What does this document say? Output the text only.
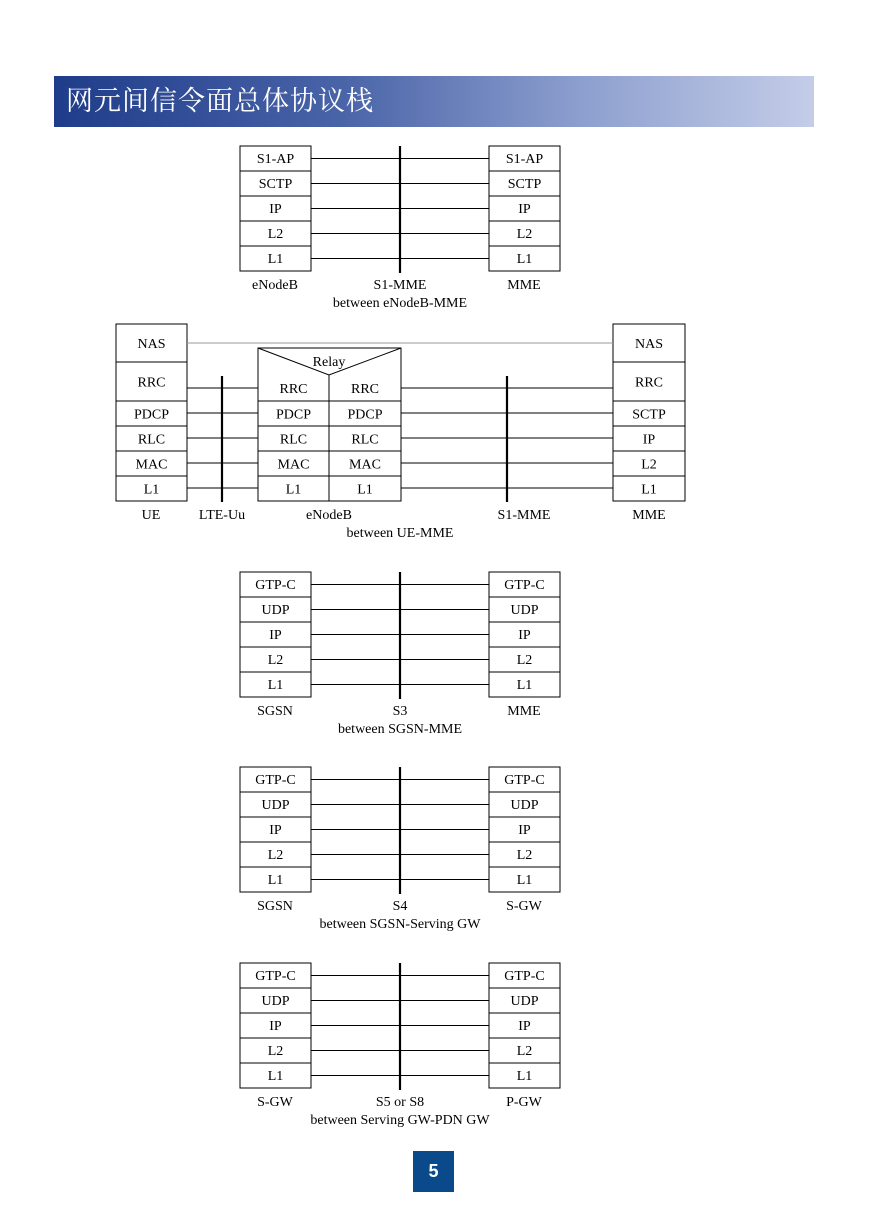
网元间信令面总体协议栈
S1-AP	S1-AP
SCTP	SCTP
IP	IP
L2	L2
L1	L1
eNodeB	S1-MME	MME
between eNodeB-MME
GTP-C	GTP-C
UDP	UDP
IP	IP
L2	L2
L1	L1
SGSN	S3	MME
between SGSN-MME
GTP-C	GTP-C
UDP	UDP
IP	IP
L2	L2
L1	L1
SGSN	S4	S-GW
between SGSN-Serving GW
GTP-C	GTP-C
UDP	UDP
IP	IP
L2	L2
L1	L1
S-GW	S5 or S8	P-GW
between Serving GW-PDN GW
NAS	NAS
RRC	RRC
PDCP	SCTP
RLC	IP
MAC	L2
L1	L1
Relay
RRC	RRC
PDCP	PDCP
RLC	RLC
MAC	MAC
L1	L1
UE	LTE-Uu	eNodeB	S1-MME	MME
between UE-MME
5
